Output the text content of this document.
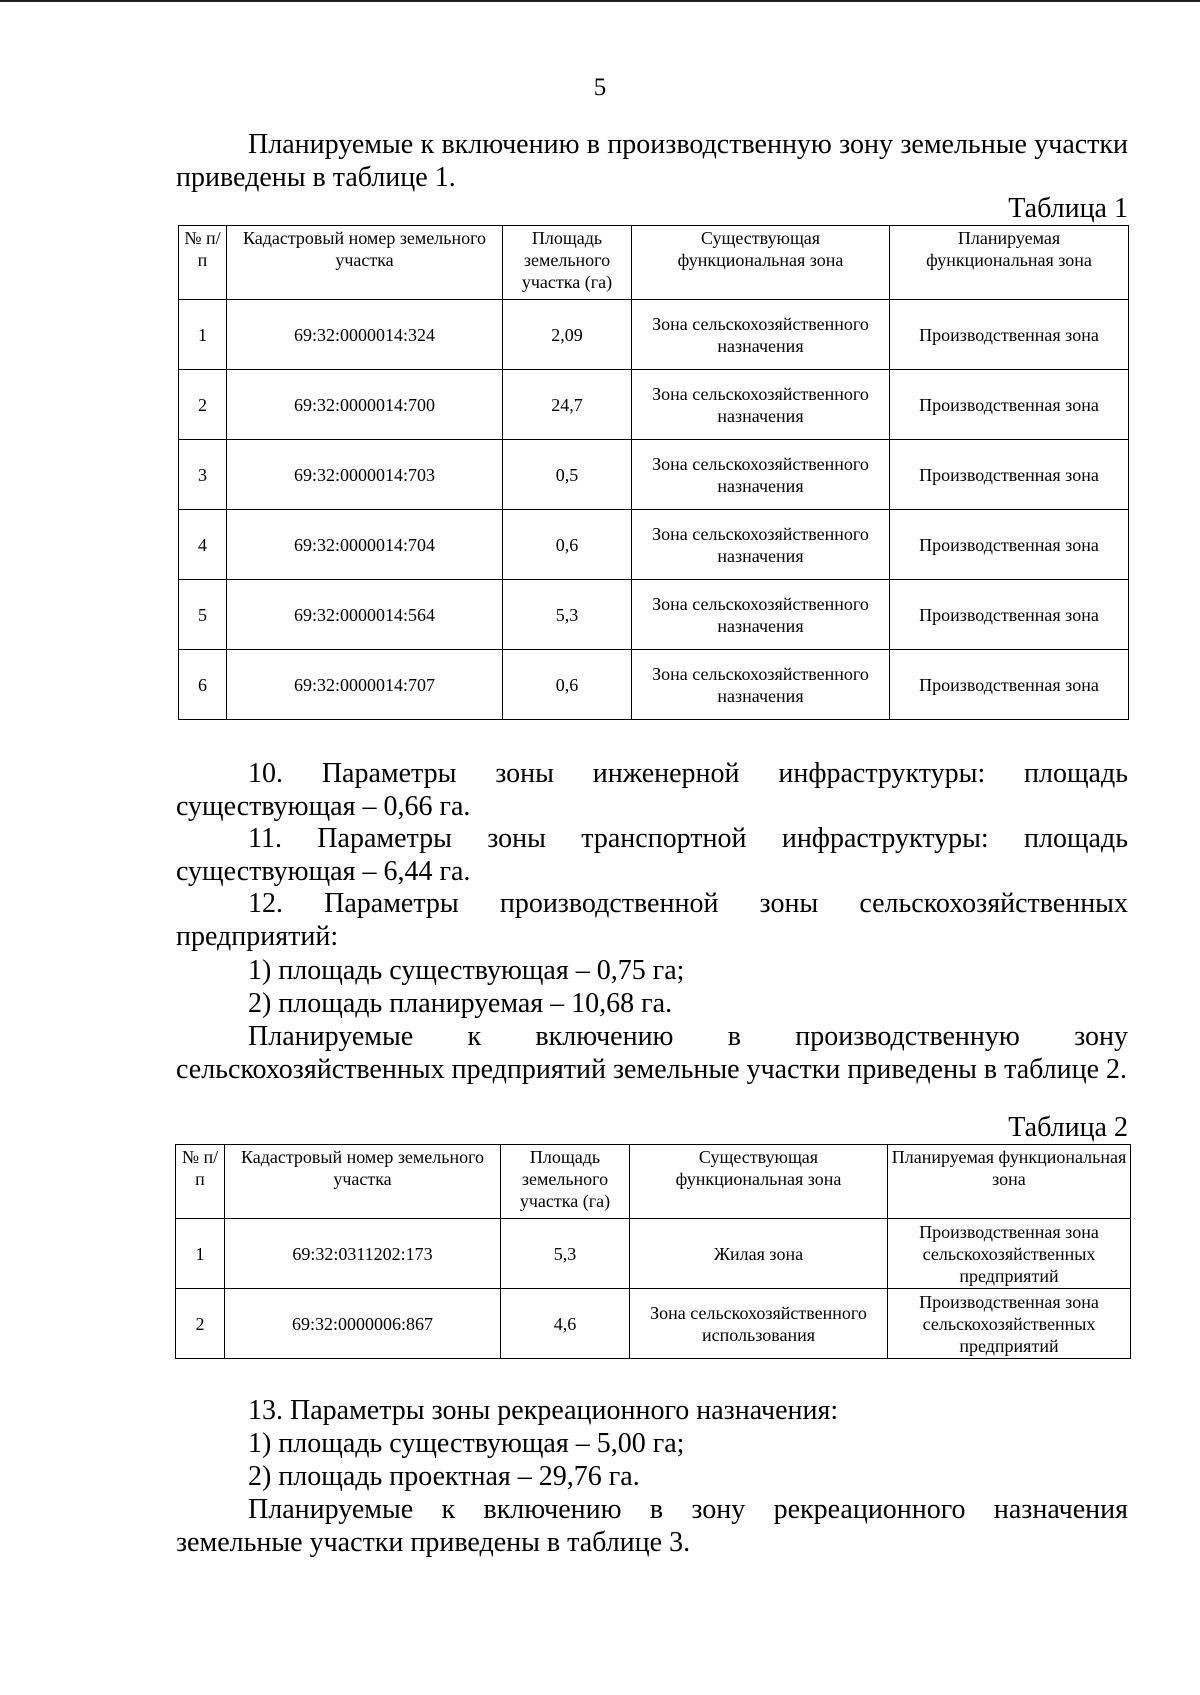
5
Планируемые к включению в производственную зону земельные участки приведены в таблице 1.
Таблица 1
№ п/п	Кадастровый номер земельного участка	Площадь земельного участка (га)	Существующая функциональная зона	Планируемая функциональная зона
1	69:32:0000014:324	2,09	Зона сельскохозяйственного назначения	Производственная зона
2	69:32:0000014:700	24,7	Зона сельскохозяйственного назначения	Производственная зона
3	69:32:0000014:703	0,5	Зона сельскохозяйственного назначения	Производственная зона
4	69:32:0000014:704	0,6	Зона сельскохозяйственного назначения	Производственная зона
5	69:32:0000014:564	5,3	Зона сельскохозяйственного назначения	Производственная зона
6	69:32:0000014:707	0,6	Зона сельскохозяйственного назначения	Производственная зона
10. Параметры зоны инженерной инфраструктуры: площадь существующая – 0,66 га.
11. Параметры зоны транспортной инфраструктуры: площадь существующая – 6,44 га.
12. Параметры производственной зоны сельскохозяйственных предприятий:
1) площадь существующая – 0,75 га;
2) площадь планируемая – 10,68 га.
Планируемые к включению в производственную зону сельскохозяйственных предприятий земельные участки приведены в таблице 2.
Таблица 2
№ п/п	Кадастровый номер земельного участка	Площадь земельного участка (га)	Существующая функциональная зона	Планируемая функциональная зона
1	69:32:0311202:173	5,3	Жилая зона	Производственная зона сельскохозяйственных предприятий
2	69:32:0000006:867	4,6	Зона сельскохозяйственного использования	Производственная зона сельскохозяйственных предприятий
13. Параметры зоны рекреационного назначения:
1) площадь существующая – 5,00 га;
2) площадь проектная – 29,76 га.
Планируемые к включению в зону рекреационного назначения земельные участки приведены в таблице 3.
